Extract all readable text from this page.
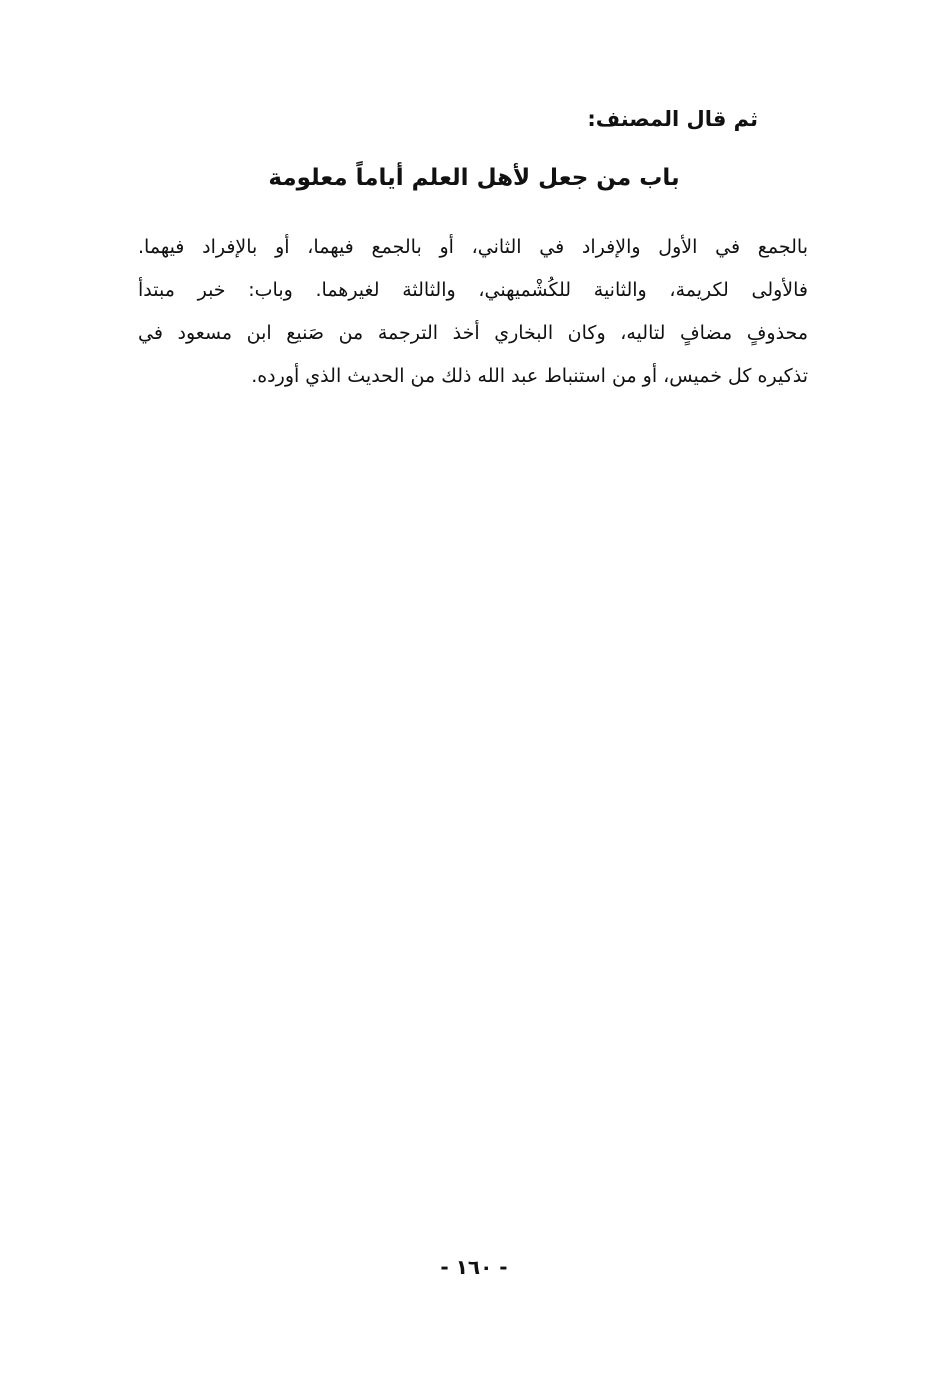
ثم قال المصنف:
باب من جعل لأهل العلم أياماً معلومة
بالجمع في الأول والإفراد في الثاني، أو بالجمع فيهما، أو بالإفراد فيهما.
فالأولى لكريمة، والثانية للكُشْميهني، والثالثة لغيرهما. وباب: خبر مبتدأ
محذوفٍ مضافٍ لتاليه، وكان البخاري أخذ الترجمة من صَنيع ابن مسعود في
تذكيره كل خميس، أو من استنباط عبد الله ذلك من الحديث الذي أورده.
- ١٦٠ -
